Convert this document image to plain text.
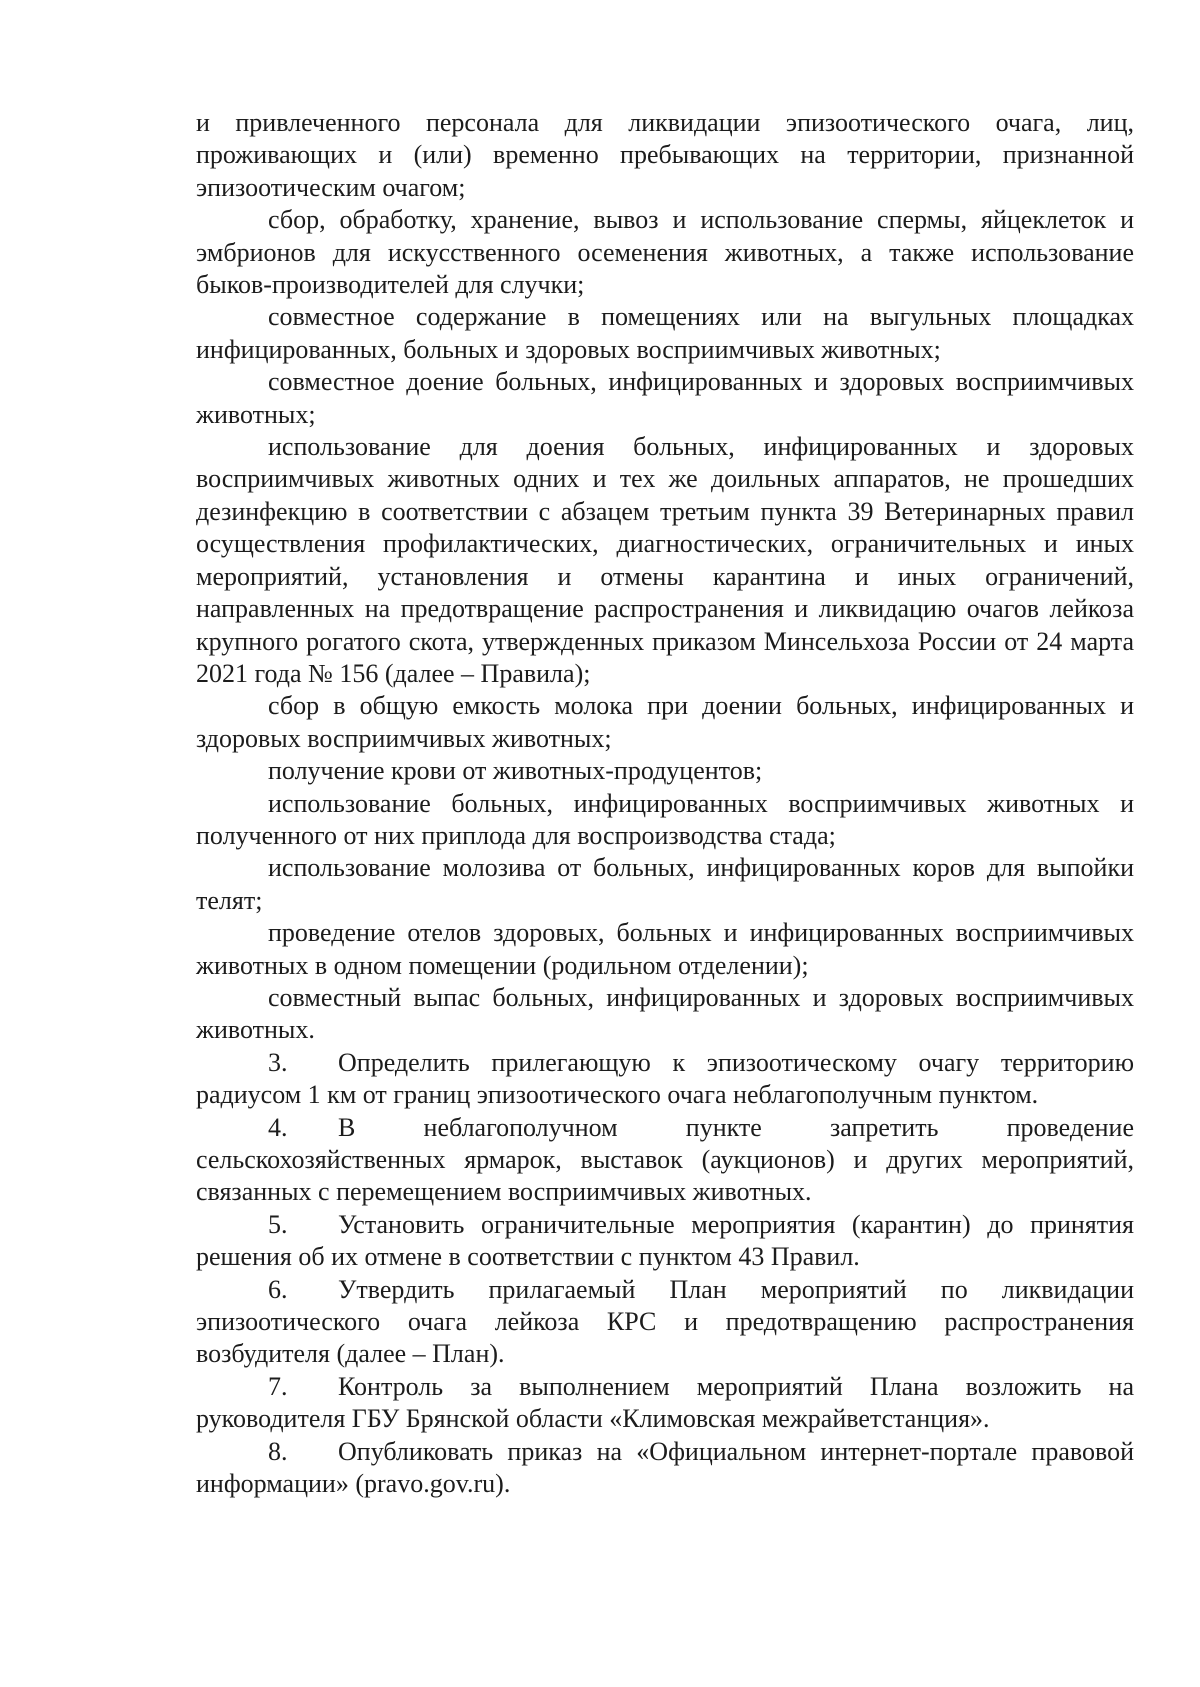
и привлеченного персонала для ликвидации эпизоотического очага, лиц, проживающих и (или) временно пребывающих на территории, признанной эпизоотическим очагом;

сбор, обработку, хранение, вывоз и использование спермы, яйцеклеток и эмбрионов для искусственного осеменения животных, а также использование быков-производителей для случки;

совместное содержание в помещениях или на выгульных площадках инфицированных, больных и здоровых восприимчивых животных;

совместное доение больных, инфицированных и здоровых восприимчивых животных;

использование для доения больных, инфицированных и здоровых восприимчивых животных одних и тех же доильных аппаратов, не прошедших дезинфекцию в соответствии с абзацем третьим пункта 39 Ветеринарных правил осуществления профилактических, диагностических, ограничительных и иных мероприятий, установления и отмены карантина и иных ограничений, направленных на предотвращение распространения и ликвидацию очагов лейкоза крупного рогатого скота, утвержденных приказом Минсельхоза России от 24 марта 2021 года № 156 (далее – Правила);

сбор в общую емкость молока при доении больных, инфицированных и здоровых восприимчивых животных;

получение крови от животных-продуцентов;

использование больных, инфицированных восприимчивых животных и полученного от них приплода для воспроизводства стада;

использование молозива от больных, инфицированных коров для выпойки телят;

проведение отелов здоровых, больных и инфицированных восприимчивых животных в одном помещении (родильном отделении);

совместный выпас больных, инфицированных и здоровых восприимчивых животных.

3. Определить прилегающую к эпизоотическому очагу территорию радиусом 1 км от границ эпизоотического очага неблагополучным пунктом.

4. В неблагополучном пункте запретить проведение сельскохозяйственных ярмарок, выставок (аукционов) и других мероприятий, связанных с перемещением восприимчивых животных.

5. Установить ограничительные мероприятия (карантин) до принятия решения об их отмене в соответствии с пунктом 43 Правил.

6. Утвердить прилагаемый План мероприятий по ликвидации эпизоотического очага лейкоза КРС и предотвращению распространения возбудителя (далее – План).

7. Контроль за выполнением мероприятий Плана возложить на руководителя ГБУ Брянской области «Климовская межрайветстанция».

8. Опубликовать приказ на «Официальном интернет-портале правовой информации» (pravo.gov.ru).
